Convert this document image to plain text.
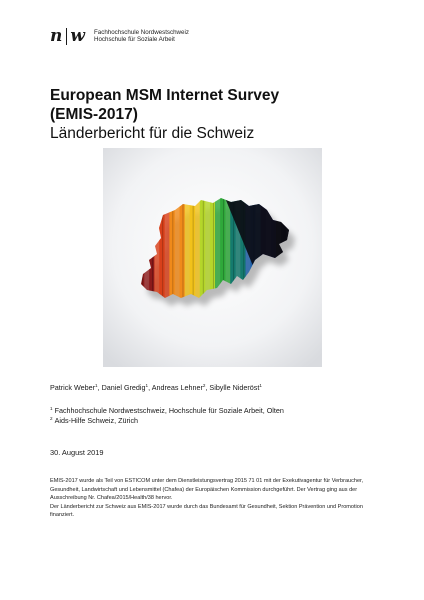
n w Fachhochschule Nordwestschweiz
Hochschule für Soziale Arbeit
European MSM Internet Survey
(EMIS-2017)
Länderbericht für die Schweiz
Patrick Weber$^1$, Daniel Gredig$^1$, Andreas Lehner$^2$, Sibylle Nideröst$^1$
$^1$ Fachhochschule Nordwestschweiz, Hochschule für Soziale Arbeit, Olten
$^2$ Aids-Hilfe Schweiz, Zürich
30. August 2019

EMIS-2017 wurde als Teil von ESTICOM unter dem Dienstleistungsvertrag 2015 71 01 mit der Exekutivagentur für Verbraucher, Gesundheit, Landwirtschaft und Lebensmittel (Chafea) der Europäischen Kommission durchgeführt. Der Vertrag ging aus der Ausschreibung Nr. Chafea/2015/Health/38 hervor.

Der Länderbericht zur Schweiz aus EMIS-2017 wurde durch das Bundesamt für Gesundheit, Sektion Prävention und Promotion finanziert.
